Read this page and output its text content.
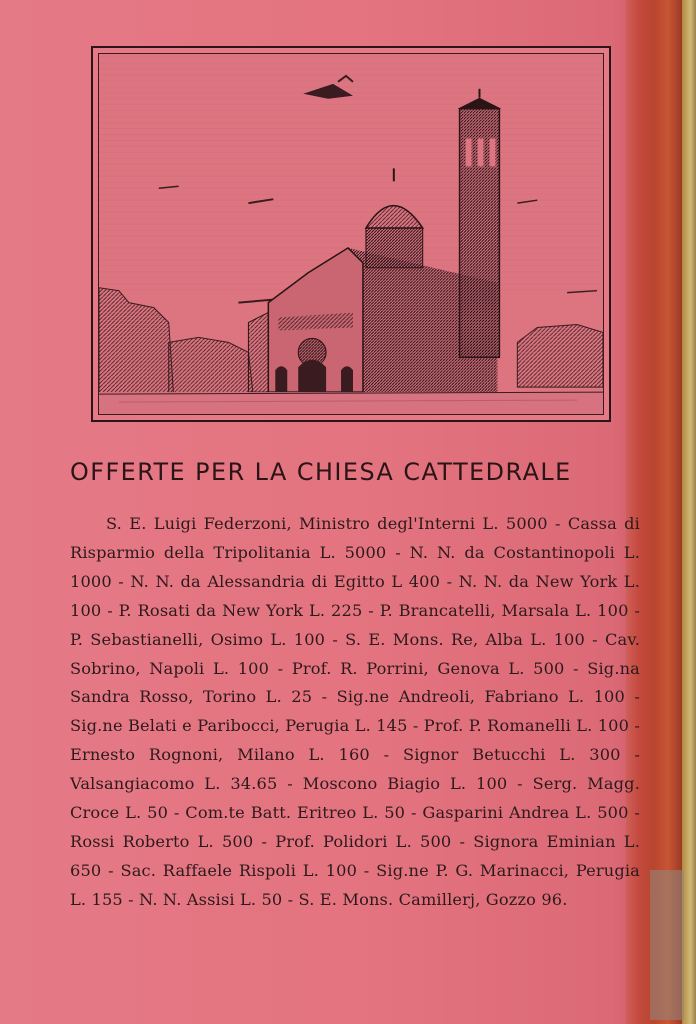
OFFERTE PER LA CHIESA CATTEDRALE
S. E. Luigi Federzoni, Ministro degl'Interni L. 5000 - Cassa di Risparmio della Tripolitania L. 5000 - N. N. da Costantinopoli L. 1000 - N. N. da Alessandria di Egitto L 400 - N. N. da New York L. 100 - P. Rosati da New York L. 225 - P. Brancatelli, Marsala L. 100 - P. Sebastianelli, Osimo L. 100 - S. E. Mons. Re, Alba L. 100 - Cav. Sobrino, Napoli L. 100 - Prof. R. Porrini, Genova L. 500 - Sig.na Sandra Rosso, Torino L. 25 - Sig.ne Andreoli, Fabriano L. 100 - Sig.ne Belati e Paribocci, Perugia L. 145 - Prof. P. Romanelli L. 100 - Ernesto Rognoni, Milano L. 160 - Signor Betucchi L. 300 - Valsangiacomo L. 34.65 - Moscono Biagio L. 100 - Serg. Magg. Croce L. 50 - Com.te Batt. Eritreo L. 50 - Gasparini Andrea L. 500 - Rossi Roberto L. 500 - Prof. Polidori L. 500 - Signora Eminian L. 650 - Sac. Raffaele Rispoli L. 100 - Sig.ne P. G. Marinacci, Perugia L. 155 - N. N. Assisi L. 50 - S. E. Mons. Camillerj, Gozzo 96.
